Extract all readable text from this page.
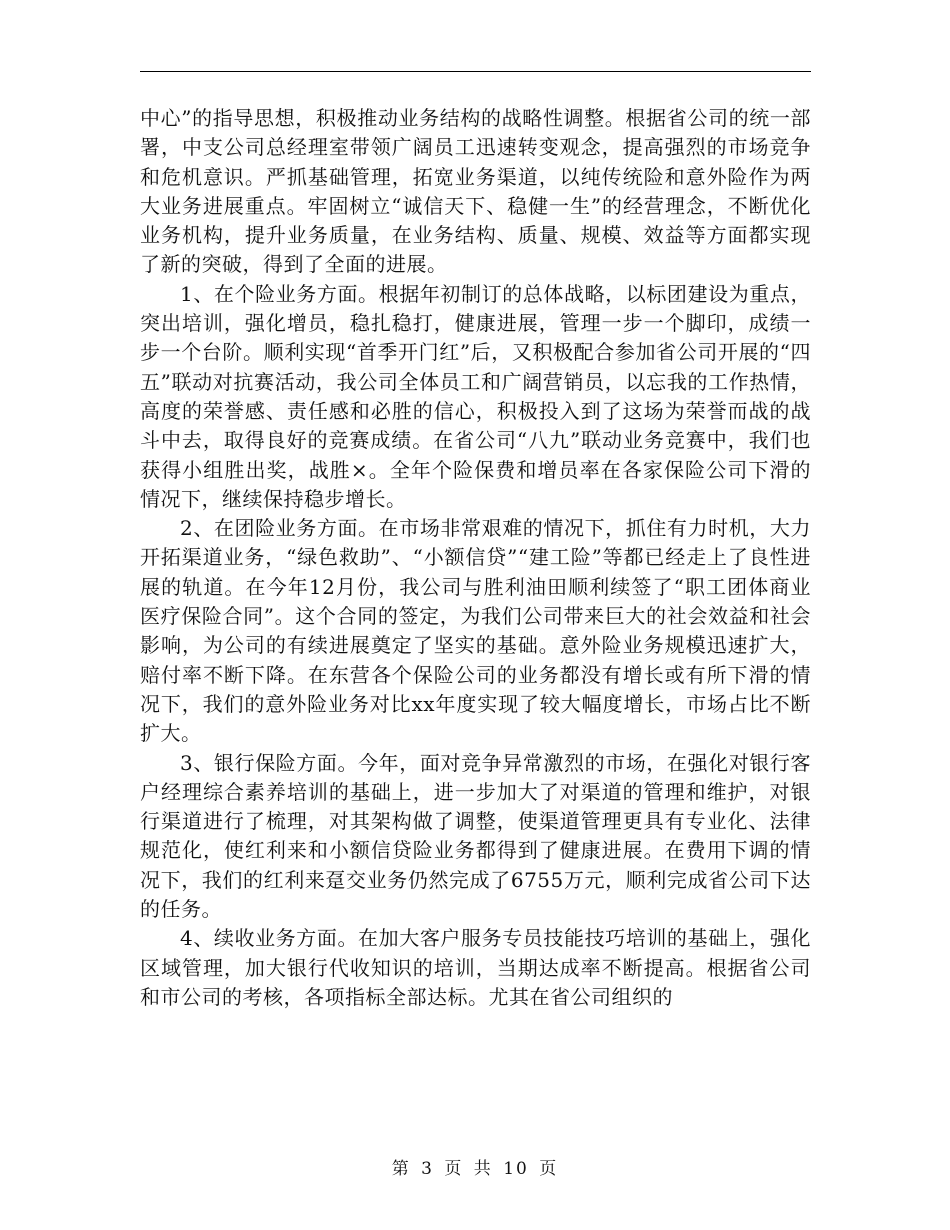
中心”的指导思想，积极推动业务结构的战略性调整。根据省公司的统一部署，中支公司总经理室带领广阔员工迅速转变观念，提高强烈的市场竞争和危机意识。严抓基础管理，拓宽业务渠道，以纯传统险和意外险作为两大业务进展重点。牢固树立“诚信天下、稳健一生”的经营理念，不断优化业务机构，提升业务质量，在业务结构、质量、规模、效益等方面都实现了新的突破，得到了全面的进展。

1、在个险业务方面。根据年初制订的总体战略，以标团建设为重点，突出培训，强化增员，稳扎稳打，健康进展，管理一步一个脚印，成绩一步一个台阶。顺利实现“首季开门红”后，又积极配合参加省公司开展的“四五”联动对抗赛活动，我公司全体员工和广阔营销员，以忘我的工作热情，高度的荣誉感、责任感和必胜的信心，积极投入到了这场为荣誉而战的战斗中去，取得良好的竞赛成绩。在省公司“八九”联动业务竞赛中，我们也获得小组胜出奖，战胜×。全年个险保费和增员率在各家保险公司下滑的情况下，继续保持稳步增长。

2、在团险业务方面。在市场非常艰难的情况下，抓住有力时机，大力开拓渠道业务，“绿色救助”、“小额信贷”“建工险”等都已经走上了良性进展的轨道。在今年12月份，我公司与胜利油田顺利续签了“职工团体商业医疗保险合同”。这个合同的签定，为我们公司带来巨大的社会效益和社会影响，为公司的有续进展奠定了坚实的基础。意外险业务规模迅速扩大，赔付率不断下降。在东营各个保险公司的业务都没有增长或有所下滑的情况下，我们的意外险业务对比xx年度实现了较大幅度增长，市场占比不断扩大。

3、银行保险方面。今年，面对竞争异常激烈的市场，在强化对银行客户经理综合素养培训的基础上，进一步加大了对渠道的管理和维护，对银行渠道进行了梳理，对其架构做了调整，使渠道管理更具有专业化、法律规范化，使红利来和小额信贷险业务都得到了健康进展。在费用下调的情况下，我们的红利来趸交业务仍然完成了6755万元，顺利完成省公司下达的任务。

4、续收业务方面。在加大客户服务专员技能技巧培训的基础上，强化区域管理，加大银行代收知识的培训，当期达成率不断提高。根据省公司和市公司的考核，各项指标全部达标。尤其在省公司组织的

第 3 页 共 10 页
